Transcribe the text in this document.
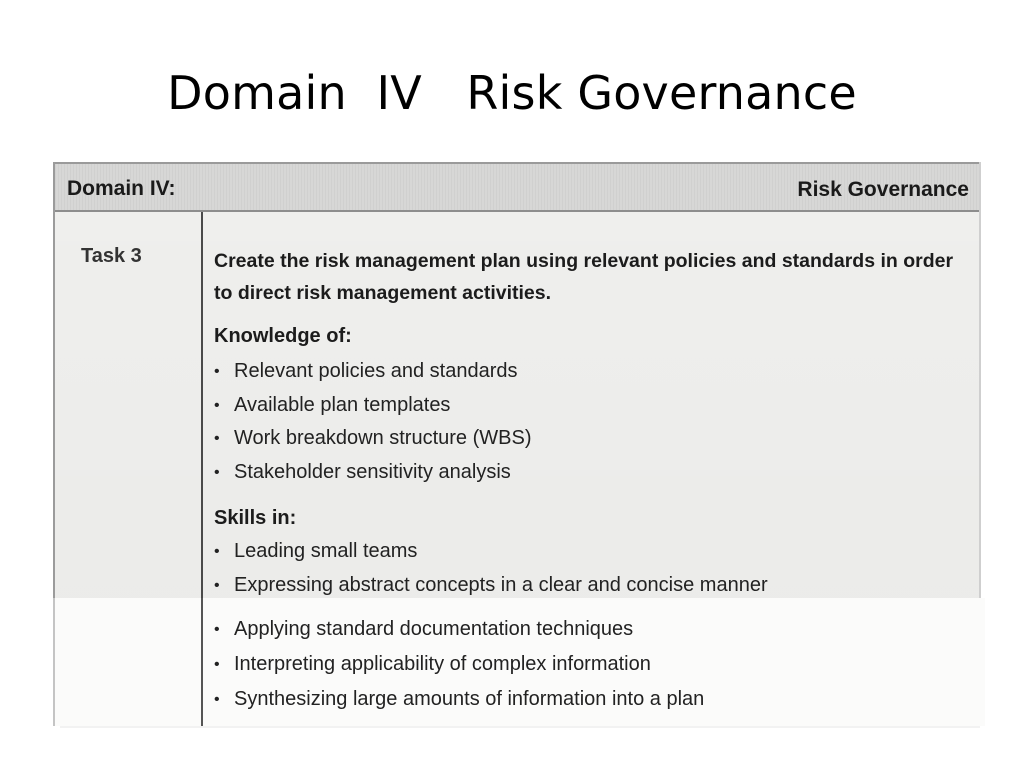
Domain  IV   Risk Governance
Domain IV:	Risk Governance
Task 3	Create the risk management plan using relevant policies and standards in order to direct risk management activities.

Knowledge of:
• Relevant policies and standards
• Available plan templates
• Work breakdown structure (WBS)
• Stakeholder sensitivity analysis
Skills in:
• Leading small teams
• Expressing abstract concepts in a clear and concise manner
• Applying standard documentation techniques
• Interpreting applicability of complex information
• Synthesizing large amounts of information into a plan
